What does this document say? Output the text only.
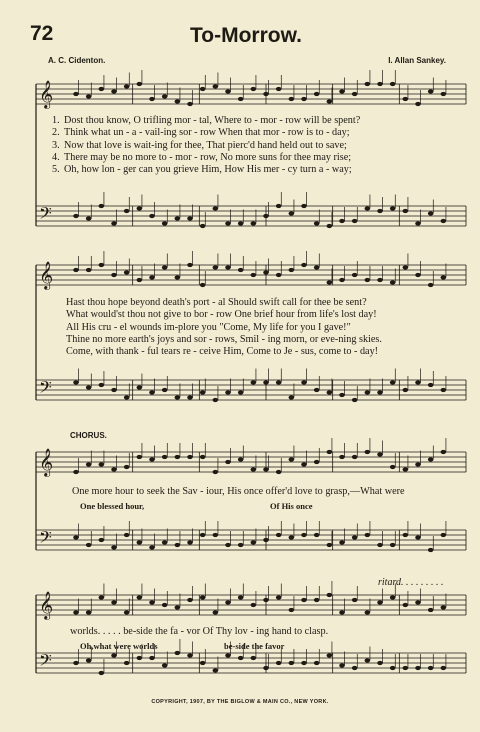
72	To-Morrow.
A. C. Cidenton.	I. Allan Sankey.
𝄞
𝄢
1. Dost thou know, O trifling mor - tal, Where to - mor - row will be spent?
2. Think what un - a - vail-ing sor - row When that mor - row is to - day;
3. Now that love is wait-ing for thee, That pierc'd hand held out to save;
4. There may be no more to - mor - row, No more suns for thee may rise;
5. Oh, how lon - ger can you grieve Him, How His mer - cy turn a - way;
𝄞
𝄢
Hast thou hope beyond death's port - al Should swift call for thee be sent?
What would'st thou not give to bor - row One brief hour from life's lost day!
All His cru - el wounds im-plore you "Come, My life for you I gave!"
Thine no more earth's joys and sor - rows, Smil - ing morn, or eve-ning skies.
Come, with thank - ful tears re - ceive Him, Come to Je - sus, come to - day!
CHORUS.
𝄞
𝄢
One more hour to seek the Sav - iour, His once offer'd love to grasp,—What were
One blessed hour,	Of His once
ritard. . . . . . . . .
𝄞
𝄢
worlds. . . . . be-side the fa - vor Of Thy lov - ing hand to clasp.
Oh,what were worlds	be-side the favor
COPYRIGHT, 1907, BY THE BIGLOW & MAIN CO., NEW YORK.
